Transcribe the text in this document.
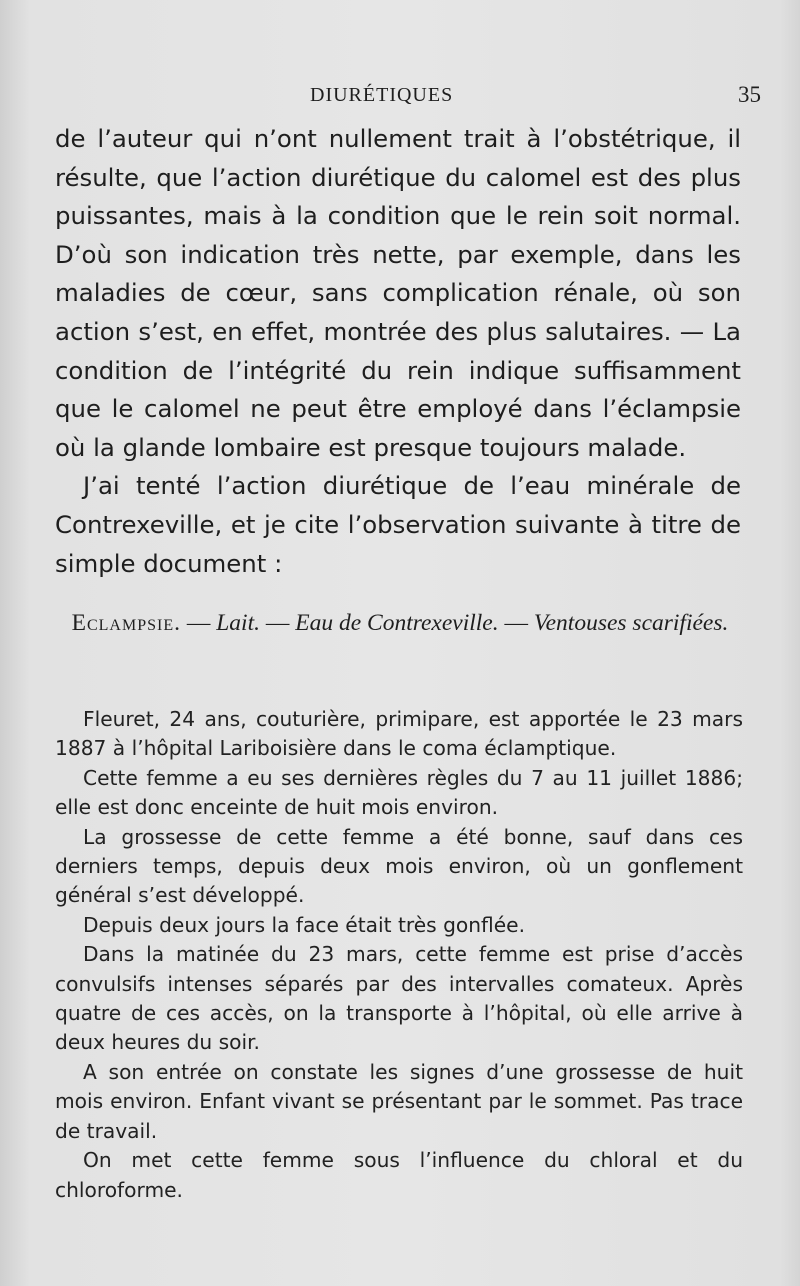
DIURÉTIQUES	35

de l’auteur qui n’ont nullement trait à l’obstétrique, il résulte, que l’action diurétique du calomel est des plus puissantes, mais à la condition que le rein soit normal. D’où son indication très nette, par exemple, dans les maladies de cœur, sans complication rénale, où son action s’est, en effet, montrée des plus salutaires. — La condition de l’intégrité du rein indique suffisamment que le calomel ne peut être employé dans l’éclampsie où la glande lombaire est presque toujours malade.

J’ai tenté l’action diurétique de l’eau minérale de Contrexeville, et je cite l’observation suivante à titre de simple document :

Eclampsie. — Lait. — Eau de Contrexeville. — Ventouses scarifiées.

Fleuret, 24 ans, couturière, primipare, est apportée le 23 mars 1887 à l’hôpital Lariboisière dans le coma éclamptique.

Cette femme a eu ses dernières règles du 7 au 11 juillet 1886; elle est donc enceinte de huit mois environ.

La grossesse de cette femme a été bonne, sauf dans ces derniers temps, depuis deux mois environ, où un gonflement général s’est développé.

Depuis deux jours la face était très gonflée.

Dans la matinée du 23 mars, cette femme est prise d’accès convulsifs intenses séparés par des intervalles comateux. Après quatre de ces accès, on la transporte à l’hôpital, où elle arrive à deux heures du soir.

A son entrée on constate les signes d’une grossesse de huit mois environ. Enfant vivant se présentant par le sommet. Pas trace de travail.

On met cette femme sous l’influence du chloral et du chloroforme.
